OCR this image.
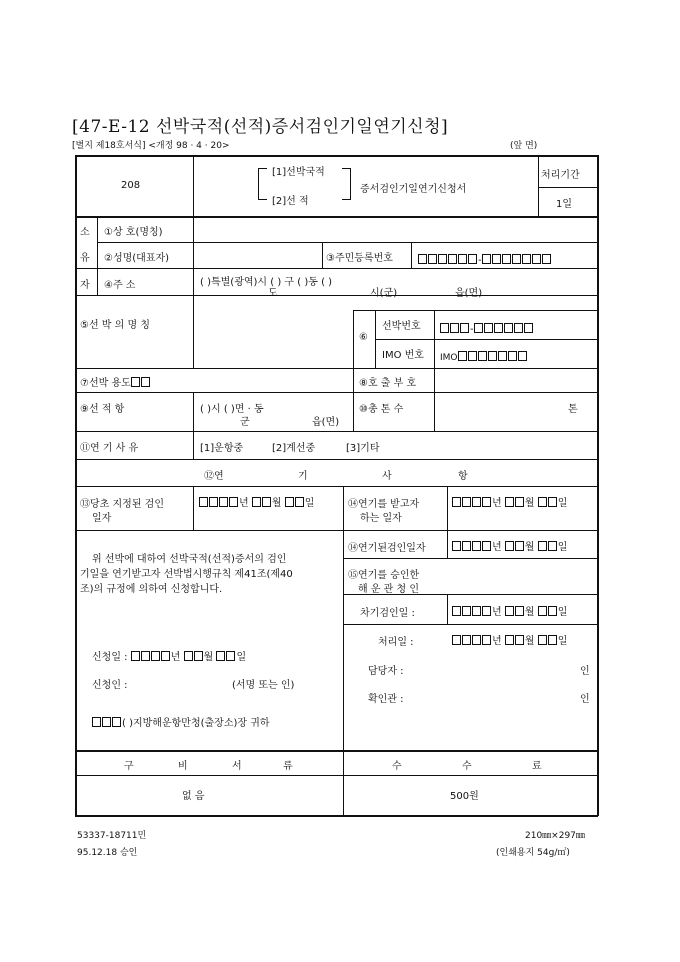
[47-E-12 선박국적(선적)증서검인기일연기신청]
[별지 제18호서식] <개정 98 · 4 · 20>	(앞 면)
208
[1]선박국적
[2]선 적
증서검인기일연기신청서
처리기간
1일
소
유
자
①상 호(명칭)
②성명(대표자)	③주민등록번호	-
④주 소	( )특별(광역)시 ( ) 구 ( )동 ( )
도	시(군)	읍(면)
⑤선 박 의 명 칭
⑥
선박번호	-
IMO 번호 IMO
⑦선박 용도	⑧호 출 부 호
⑨선 적 항	( )시 ( )면 · 동
군	읍(면)
⑩총 톤 수	톤
⑪연 기 사 유	[1]운항중	[2]계선중	[3]기타
⑫연	기	사	항
⑬당초 지정된 검인
일자
년 월 일	⑭연기를 받고자
하는 일자
년 월 일
⑭연기된검인일자	년 월 일
⑮연기를 승인한
해 운 관 청 인
차기검인일 :	년 월 일
처리일 :	년 월 일
담당자 :	인
확인관 :	인
위 선박에 대하여 선박국적(선적)증서의 검인
기일을 연기받고자 선박법시행규칙 제41조(제40
조)의 규정에 의하여 신청합니다.
신청일 :	년 월 일
신청인 :	(서명 또는 인)
( )지방해운항만청(출장소)장 귀하
구	비	서	류	수	수	료
없 음	500원
53337-18711민
95.12.18 승인
210㎜×297㎜
(인쇄용지 54g/㎡)
